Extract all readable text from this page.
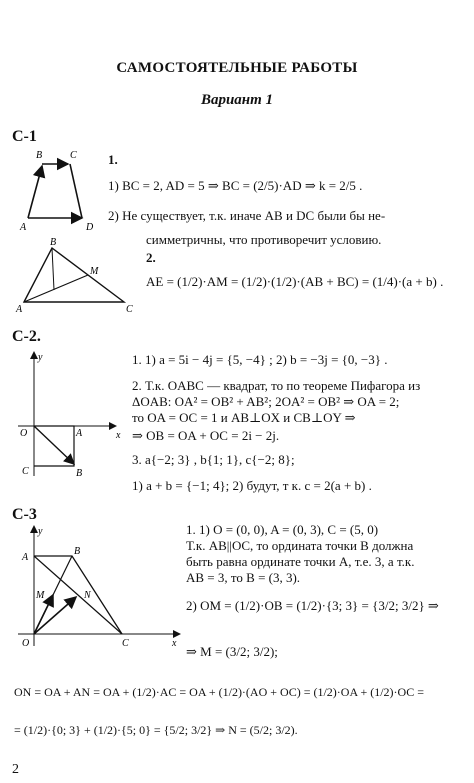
САМОСТОЯТЕЛЬНЫЕ РАБОТЫ
Вариант 1
С-1
B	C
A	D
B
M
A	C
1.
1) BC = 2, AD = 5 ⇒ BC = (2/5)·AD ⇒ k = 2/5 .
2) Не существует, т.к. иначе AB и DC были бы не-
симметричны, что противоречит условию.
2.
AE = (1/2)·AM = (1/2)·(1/2)·(AB + BC) = (1/4)·(a + b) .
С-2.
y
O	A	x
C	B
1. 1) a = 5i − 4j = {5, −4} ; 2) b = −3j = {0, −3} .
2. Т.к. OABC — квадрат, то по теореме Пифагора из
ΔOAB: OA² = OB² + AB²; 2OA² = OB² ⇒ OA = 2;
то OA = OC = 1 и AB⊥OX и CB⊥OY ⇒
⇒ OB = OA + OC = 2i − 2j.
3. a{−2; 3} , b{1; 1}, c{−2; 8};
1) a + b = {−1; 4}; 2) будут, т к. c = 2(a + b) .
С-3
y
A
B
M	N
O	C	x
1. 1) O = (0, 0), A = (0, 3), C = (5, 0)
Т.к. AB||OC, то ордината точки B должна
быть равна ординате точки A, т.е. 3, а т.к.
AB = 3, то B = (3, 3).
2) OM = (1/2)·OB = (1/2)·{3; 3} = {3/2; 3/2} ⇒
⇒ M = (3/2; 3/2);
ON = OA + AN = OA + (1/2)·AC = OA + (1/2)·(AO + OC) = (1/2)·OA + (1/2)·OC =
= (1/2)·{0; 3} + (1/2)·{5; 0} = {5/2; 3/2} ⇒ N = (5/2; 3/2).
2
